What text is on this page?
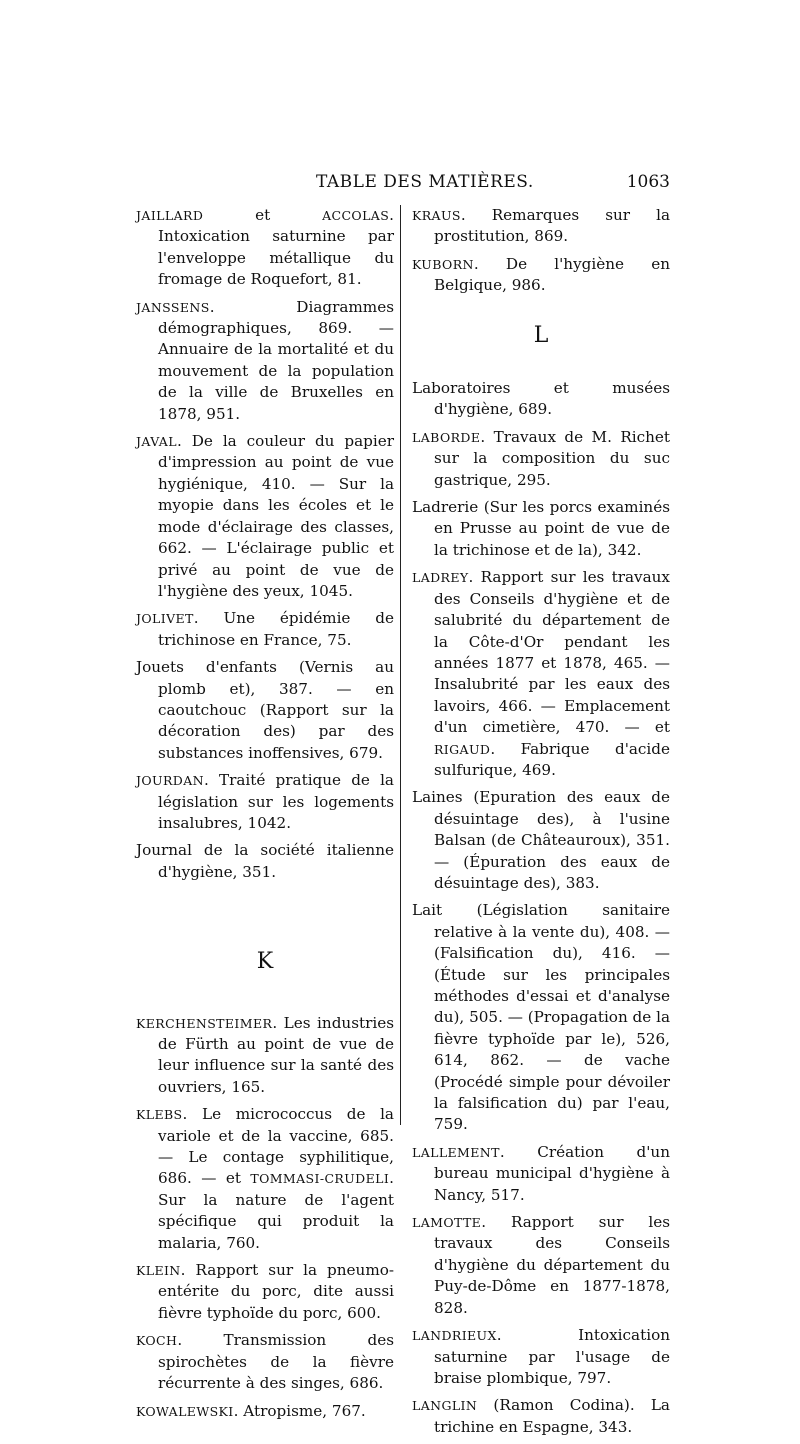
TABLE DES MATIÈRES.	1063
JAILLARD et ACCOLAS. Intoxication saturnine par l'enveloppe métallique du fromage de Roquefort, 81.
JANSSENS. Diagrammes démographiques, 869. — Annuaire de la mortalité et du mouvement de la population de la ville de Bruxelles en 1878, 951.
JAVAL. De la couleur du papier d'impression au point de vue hygiénique, 410. — Sur la myopie dans les écoles et le mode d'éclairage des classes, 662. — L'éclairage public et privé au point de vue de l'hygiène des yeux, 1045.
JOLIVET. Une épidémie de trichinose en France, 75.
Jouets d'enfants (Vernis au plomb et), 387. — en caoutchouc (Rapport sur la décoration des) par des substances inoffensives, 679.
JOURDAN. Traité pratique de la législation sur les logements insalubres, 1042.
Journal de la société italienne d'hygiène, 351.
K
KERCHENSTEIMER. Les industries de Fürth au point de vue de leur influence sur la santé des ouvriers, 165.
KLEBS. Le micrococcus de la variole et de la vaccine, 685. — Le contage syphilitique, 686. — et TOMMASI-CRUDELI. Sur la nature de l'agent spécifique qui produit la malaria, 760.
KLEIN. Rapport sur la pneumo-entérite du porc, dite aussi fièvre typhoïde du porc, 600.
KOCH. Transmission des spirochètes de la fièvre récurrente à des singes, 686.
KOWALEWSKI. Atropisme, 767.
KRAUS. Remarques sur la prostitution, 869.
KUBORN. De l'hygiène en Belgique, 986.
L
Laboratoires et musées d'hygiène, 689.
LABORDE. Travaux de M. Richet sur la composition du suc gastrique, 295.
Ladrerie (Sur les porcs examinés en Prusse au point de vue de la trichinose et de la), 342.
LADREY. Rapport sur les travaux des Conseils d'hygiène et de salubrité du département de la Côte-d'Or pendant les années 1877 et 1878, 465. — Insalubrité par les eaux des lavoirs, 466. — Emplacement d'un cimetière, 470. — et RIGAUD. Fabrique d'acide sulfurique, 469.
Laines (Epuration des eaux de désuintage des), à l'usine Balsan (de Châteauroux), 351. — (Épuration des eaux de désuintage des), 383.
Lait (Législation sanitaire relative à la vente du), 408. — (Falsification du), 416. — (Étude sur les principales méthodes d'essai et d'analyse du), 505. — (Propagation de la fièvre typhoïde par le), 526, 614, 862. — de vache (Procédé simple pour dévoiler la falsification du) par l'eau, 759.
LALLEMENT. Création d'un bureau municipal d'hygiène à Nancy, 517.
LAMOTTE. Rapport sur les travaux des Conseils d'hygiène du département du Puy-de-Dôme en 1877-1878, 828.
LANDRIEUX. Intoxication saturnine par l'usage de braise plombique, 797.
LANGLIN (Ramon Codina). La trichine en Espagne, 343.
